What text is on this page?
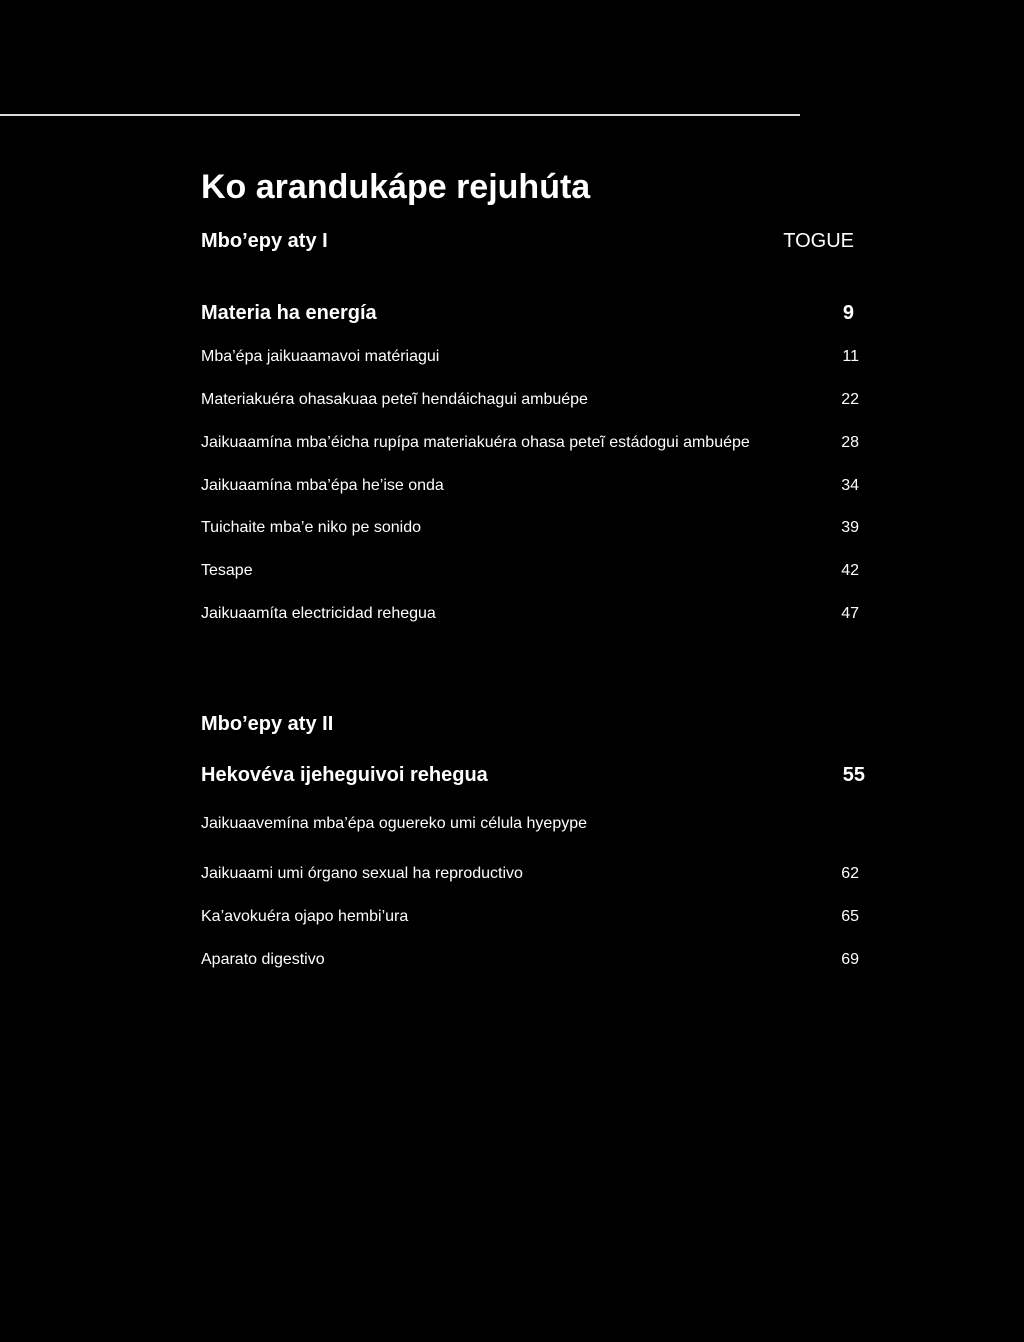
Ko arandukápe rejuhúta
Mbo’epy aty I	TOGUE
Materia ha energía	9
Mba’épa jaikuaamavoi matériagui	11
Materiakuéra ohasakuaa peteĩ hendáichagui ambuépe	22
Jaikuaamína mba’éicha rupípa materiakuéra ohasa peteĩ estádogui ambuépe	28
Jaikuaamína mba’épa he’ise onda	34
Tuichaite mba’e niko pe sonido	39
Tesape	42
Jaikuaamíta electricidad rehegua	47
Mbo’epy aty II
Hekovéva ijeheguivoi rehegua	55
Jaikuaavemína mba’épa oguereko umi célula hyepype
Jaikuaami umi órgano sexual ha reproductivo	62
Ka’avokuéra ojapo hembi’ura	65
Aparato digestivo	69
